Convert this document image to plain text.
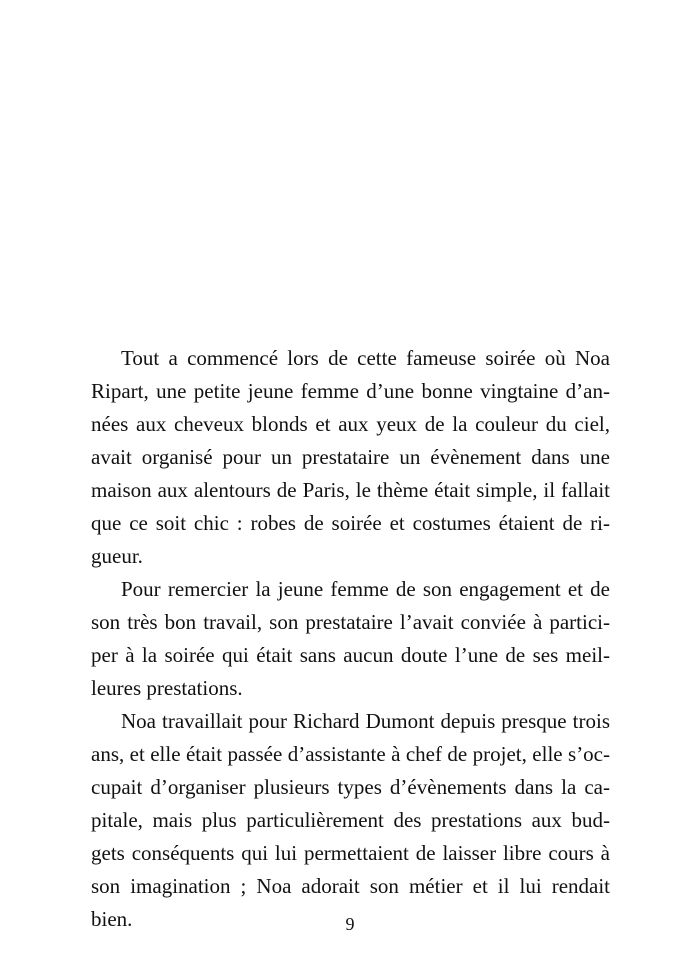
Tout a commencé lors de cette fameuse soirée où Noa
Ripart, une petite jeune femme d’une bonne vingtaine d’an-
nées aux cheveux blonds et aux yeux de la couleur du ciel,
avait organisé pour un prestataire un évènement dans une
maison aux alentours de Paris, le thème était simple, il fallait
que ce soit chic : robes de soirée et costumes étaient de ri-
gueur.

Pour remercier la jeune femme de son engagement et de
son très bon travail, son prestataire l’avait conviée à partici-
per à la soirée qui était sans aucun doute l’une de ses meil-
leures prestations.

Noa travaillait pour Richard Dumont depuis presque trois
ans, et elle était passée d’assistante à chef de projet, elle s’oc-
cupait d’organiser plusieurs types d’évènements dans la ca-
pitale, mais plus particulièrement des prestations aux bud-
gets conséquents qui lui permettaient de laisser libre cours à
son imagination ; Noa adorait son métier et il lui rendait
bien.	9
